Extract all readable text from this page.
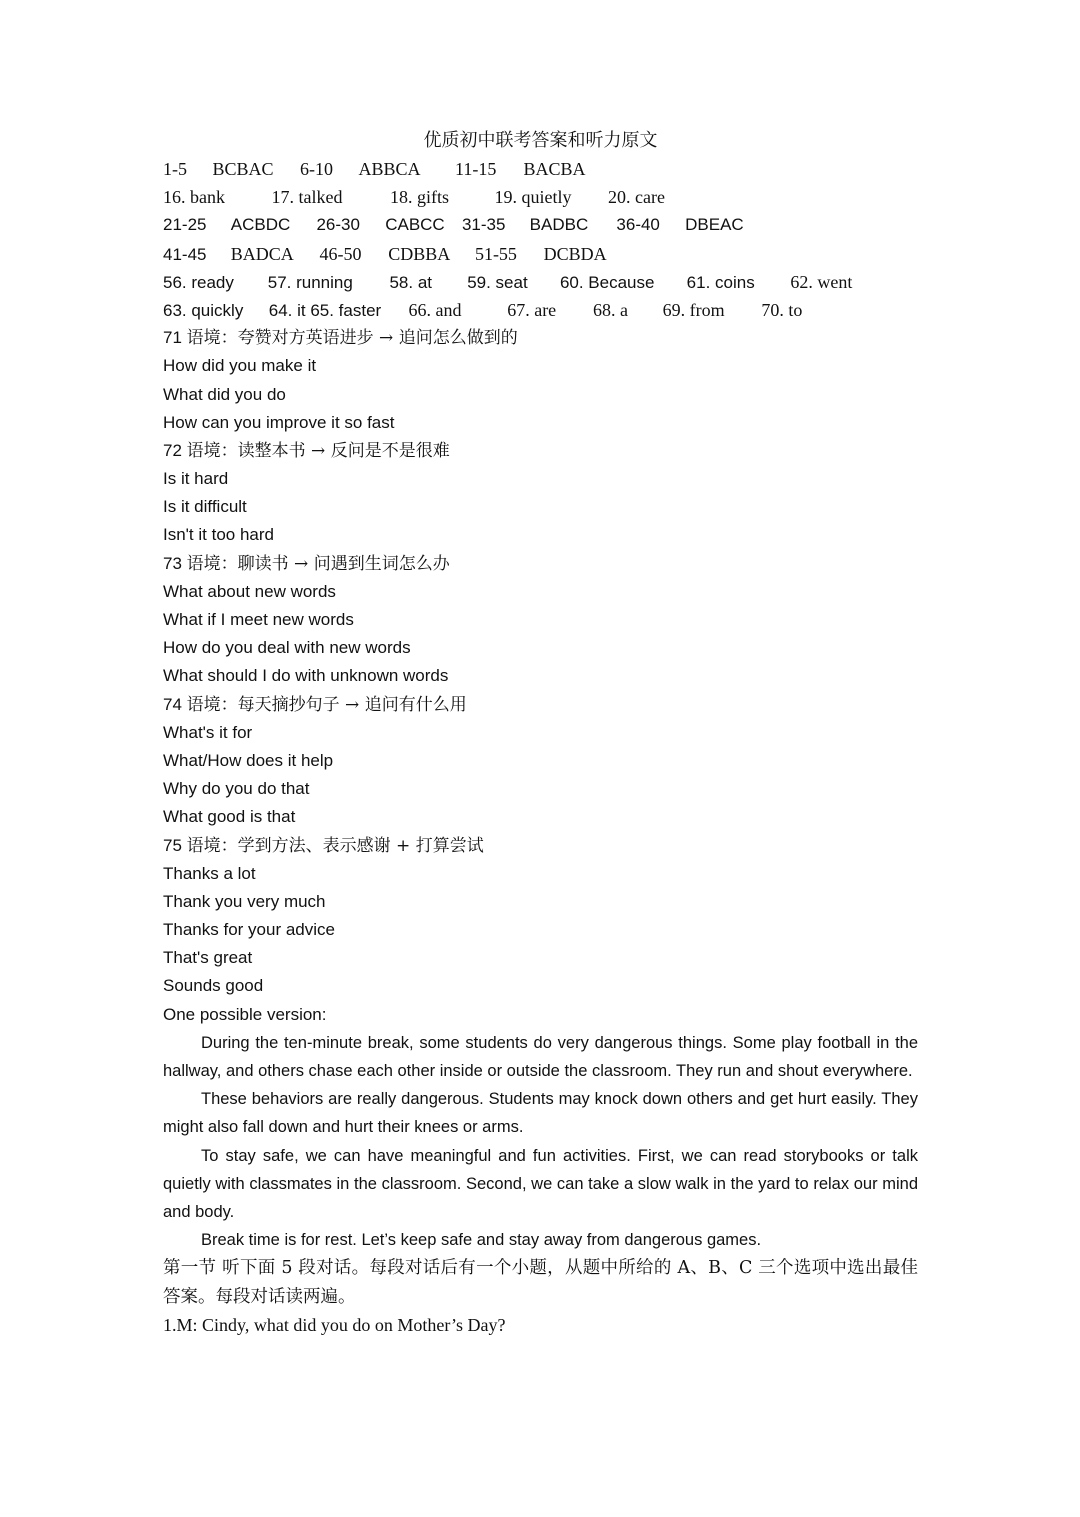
优质初中联考答案和听力原文
1-5 BCBAC 6-10 ABBCA 11-15 BACBA
16. bank	17. talked	18. gifts	19. quietly 20. care
21-25 ACBDC 26-30 CABCC 31-35 BADBC 36-40 DBEAC
41-45 BADCA 46-50 CDBBA 51-55 DCBDA
56. ready 57. running 58. at 59. seat 60. Because 61. coins 62. went
63. quickly 64. it 65. faster 66. and	67. are 68. a 69. from 70. to
71 语境：夸赞对方英语进步 → 追问怎么做到的
How did you make it
What did you do
How can you improve it so fast
72 语境：读整本书 → 反问是不是很难
Is it hard
Is it difficult
Isn't it too hard
73 语境：聊读书 → 问遇到生词怎么办
What about new words
What if I meet new words
How do you deal with new words
What should I do with unknown words
74 语境：每天摘抄句子 → 追问有什么用
What's it for
What/How does it help
Why do you do that
What good is that
75 语境：学到方法、表示感谢 + 打算尝试
Thanks a lot
Thank you very much
Thanks for your advice
That's great
Sounds good
One possible version:

During the ten-minute break, some students do very dangerous things. Some play football in the hallway, and others chase each other inside or outside the classroom. They run and shout everywhere.

These behaviors are really dangerous. Students may knock down others and get hurt easily. They might also fall down and hurt their knees or arms.

To stay safe, we can have meaningful and fun activities. First, we can read storybooks or talk quietly with classmates in the classroom. Second, we can take a slow walk in the yard to relax our mind and body.

Break time is for rest. Let’s keep safe and stay away from dangerous games.

第一节 听下面 5 段对话。每段对话后有一个小题，从题中所给的 A、B、C 三个选项中选出最佳答案。每段对话读两遍。

1.M: Cindy, what did you do on Mother’s Day?
